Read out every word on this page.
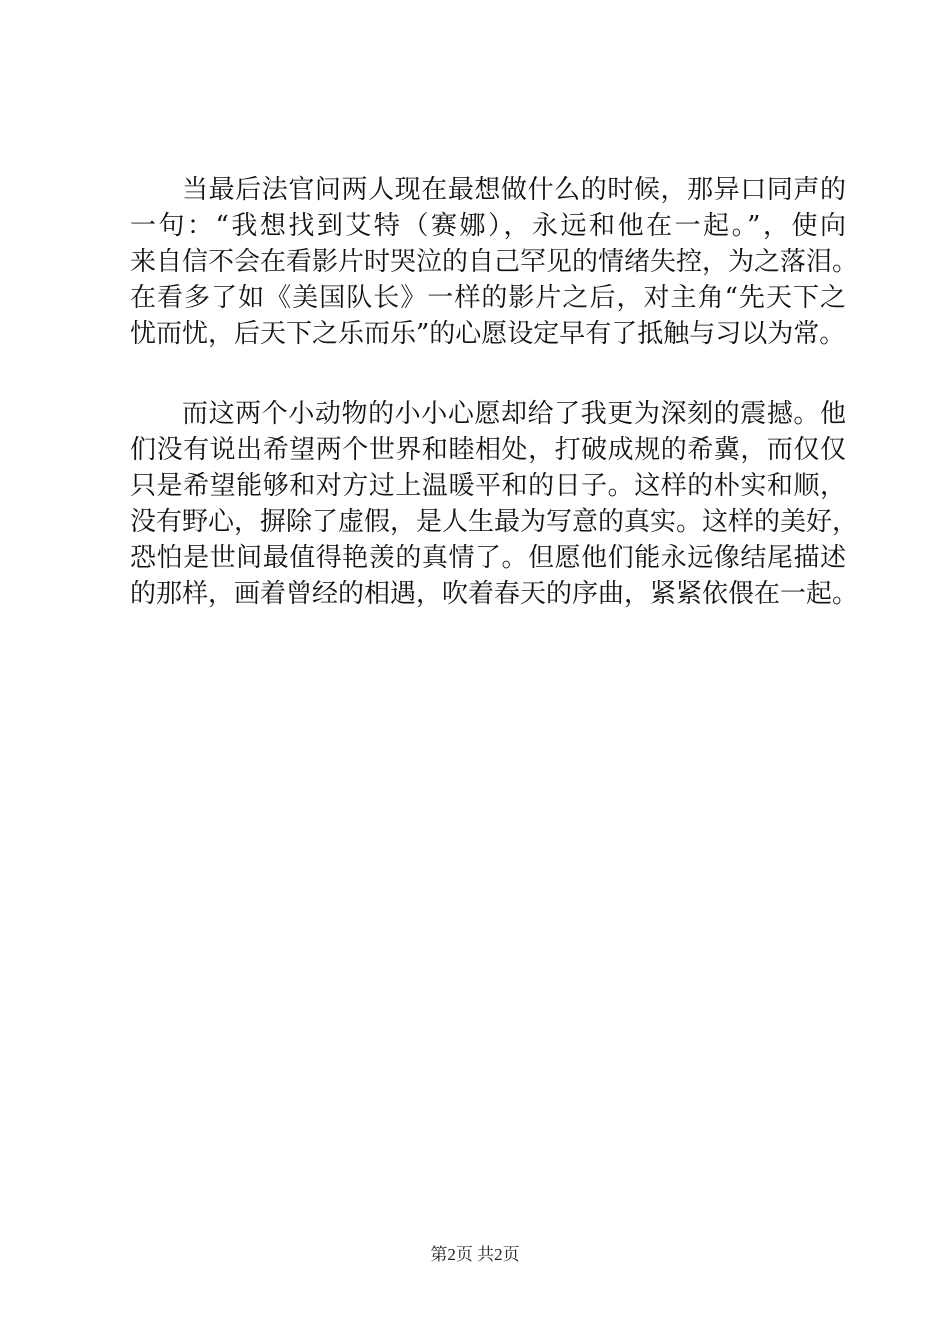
当最后法官问两人现在最想做什么的时候，那异口同声的
一句：“我想找到艾特（赛娜），永远和他在一起。”，使向
来自信不会在看影片时哭泣的自己罕见的情绪失控，为之落泪。
在看多了如《美国队长》一样的影片之后，对主角“先天下之
忧而忧，后天下之乐而乐”的心愿设定早有了抵触与习以为常。

而这两个小动物的小小心愿却给了我更为深刻的震撼。他
们没有说出希望两个世界和睦相处，打破成规的希冀，而仅仅
只是希望能够和对方过上温暖平和的日子。这样的朴实和顺，
没有野心，摒除了虚假，是人生最为写意的真实。这样的美好，
恐怕是世间最值得艳羡的真情了。但愿他们能永远像结尾描述
的那样，画着曾经的相遇，吹着春天的序曲，紧紧依偎在一起。

第2页 共2页
